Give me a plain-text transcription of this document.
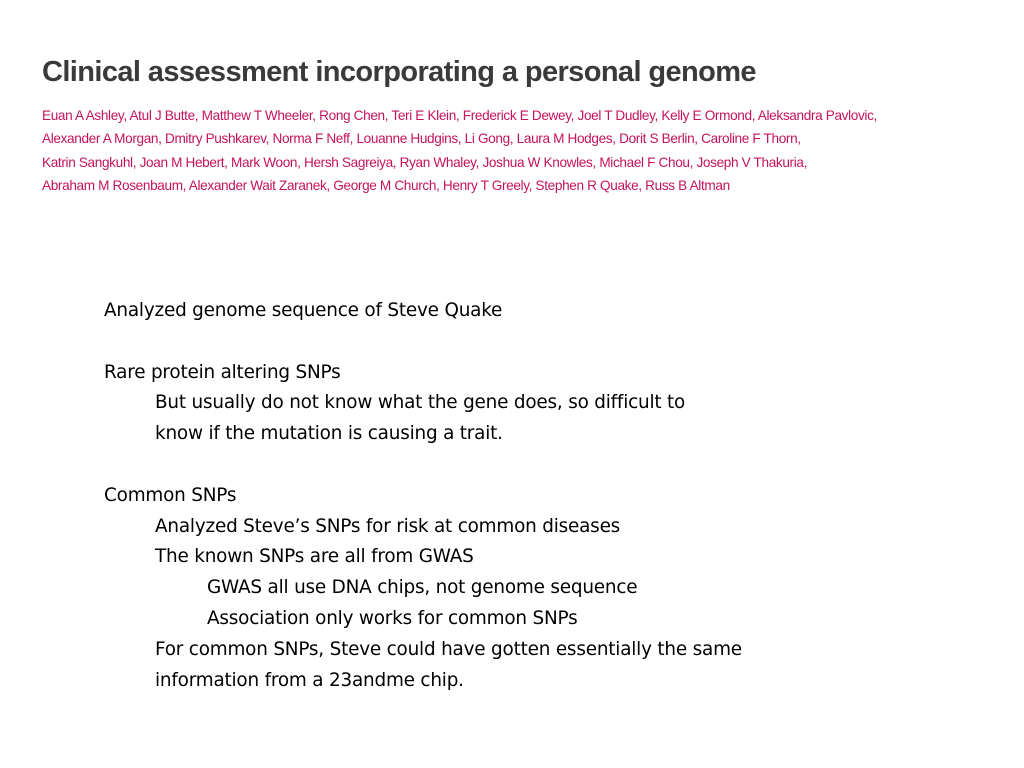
Clinical assessment incorporating a personal genome
Euan A Ashley, Atul J Butte, Matthew T Wheeler, Rong Chen, Teri E Klein, Frederick E Dewey, Joel T Dudley, Kelly E Ormond, Aleksandra Pavlovic,
Alexander A Morgan, Dmitry Pushkarev, Norma F Neff, Louanne Hudgins, Li Gong, Laura M Hodges, Dorit S Berlin, Caroline F Thorn,
Katrin Sangkuhl, Joan M Hebert, Mark Woon, Hersh Sagreiya, Ryan Whaley, Joshua W Knowles, Michael F Chou, Joseph V Thakuria,
Abraham M Rosenbaum, Alexander Wait Zaranek, George M Church, Henry T Greely, Stephen R Quake, Russ B Altman
Analyzed genome sequence of Steve Quake
Rare protein altering SNPs
But usually do not know what the gene does, so difficult to
know if the mutation is causing a trait.
Common SNPs
Analyzed Steve’s SNPs for risk at common diseases
The known SNPs are all from GWAS
GWAS all use DNA chips, not genome sequence
Association only works for common SNPs
For common SNPs, Steve could have gotten essentially the same
information from a 23andme chip.
